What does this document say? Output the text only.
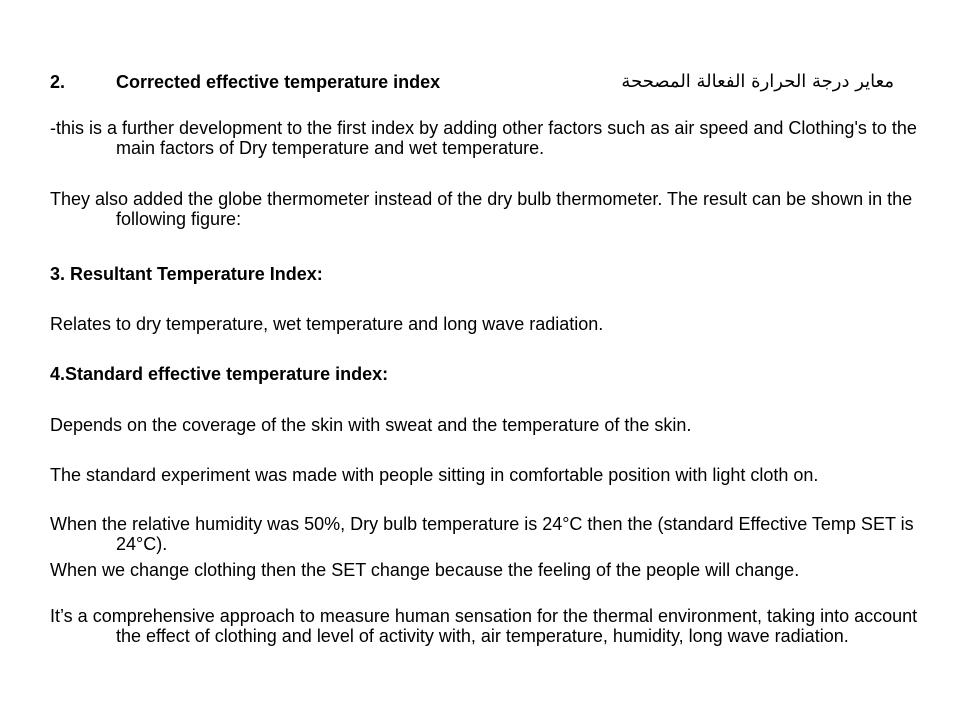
2.	Corrected effective temperature index	معاير درجة الحرارة الفعالة المصححة
-this is a further development to the first index by adding other factors such as air speed and Clothing's to the main factors of Dry temperature and wet temperature.
They also added the globe thermometer instead of the dry bulb thermometer. The result can be shown in the following figure:
3. Resultant Temperature Index:
Relates to dry temperature, wet temperature and long wave radiation.
4.Standard effective temperature index:
Depends on the coverage of the skin with sweat and the temperature of the skin.
The standard experiment was made with people sitting in comfortable position with light cloth on.
When the relative humidity was 50%, Dry bulb temperature is 24°C then the (standard Effective Temp SET is 24°C).
When we change clothing then the SET change because the feeling of the people will change.
It’s a comprehensive approach to measure human sensation for the thermal environment, taking into account the effect of clothing and level of activity with, air temperature, humidity, long wave radiation.
